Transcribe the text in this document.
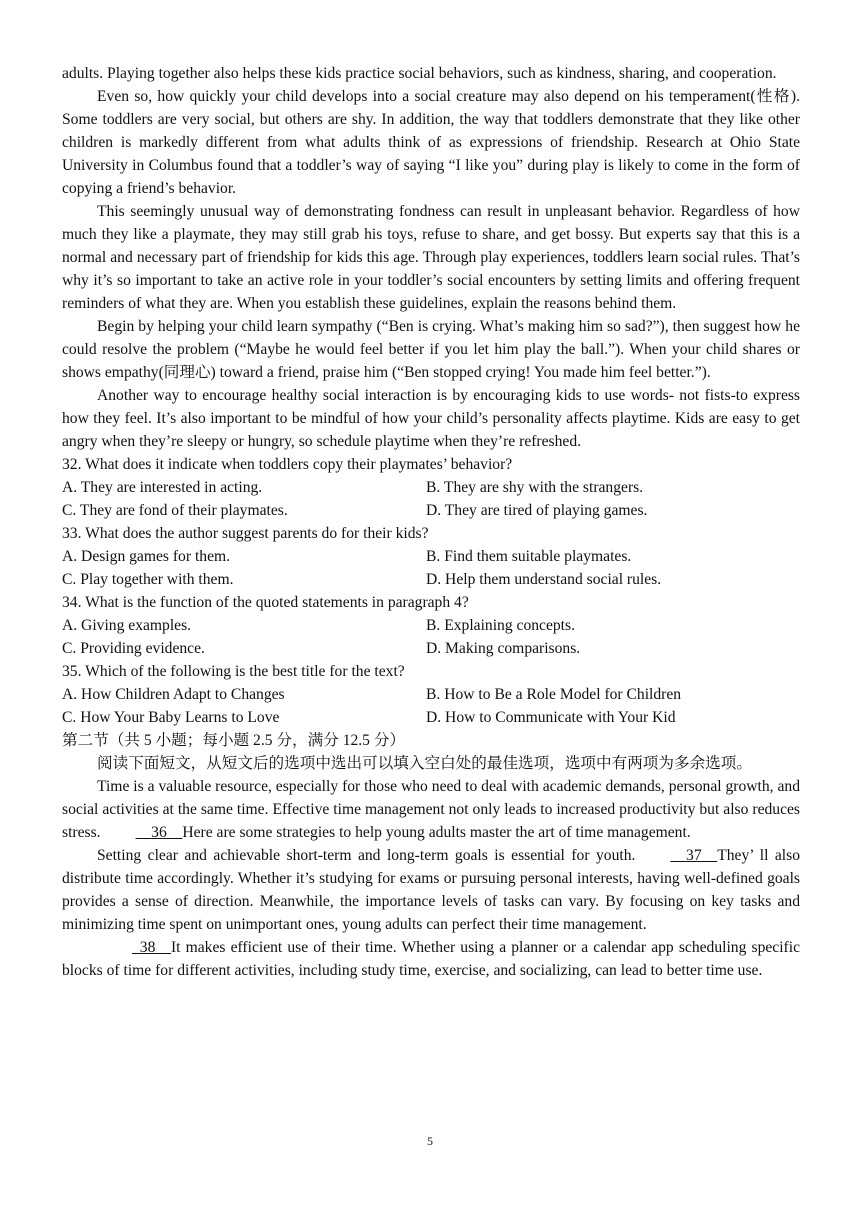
adults. Playing together also helps these kids practice social behaviors, such as kindness, sharing, and cooperation.

Even so, how quickly your child develops into a social creature may also depend on his temperament(性格). Some toddlers are very social, but others are shy. In addition, the way that toddlers demonstrate that they like other children is markedly different from what adults think of as expressions of friendship. Research at Ohio State University in Columbus found that a toddler’s way of saying “I like you” during play is likely to come in the form of copying a friend’s behavior.

This seemingly unusual way of demonstrating fondness can result in unpleasant behavior. Regardless of how much they like a playmate, they may still grab his toys, refuse to share, and get bossy. But experts say that this is a normal and necessary part of friendship for kids this age. Through play experiences, toddlers learn social rules. That’s why it’s so important to take an active role in your toddler’s social encounters by setting limits and offering frequent reminders of what they are. When you establish these guidelines, explain the reasons behind them.

Begin by helping your child learn sympathy (“Ben is crying. What’s making him so sad?”), then suggest how he could resolve the problem (“Maybe he would feel better if you let him play the ball.”). When your child shares or shows empathy(同理心) toward a friend, praise him (“Ben stopped crying! You made him feel better.”).

Another way to encourage healthy social interaction is by encouraging kids to use words- not fists-to express how they feel. It’s also important to be mindful of how your child’s personality affects playtime. Kids are easy to get angry when they’re sleepy or hungry, so schedule playtime when they’re refreshed.

32. What does it indicate when toddlers copy their playmates’ behavior?

A. They are interested in acting.	B. They are shy with the strangers.
C. They are fond of their playmates.	D. They are tired of playing games.

33. What does the author suggest parents do for their kids?

A. Design games for them.	B. Find them suitable playmates.
C. Play together with them.	D. Help them understand social rules.

34. What is the function of the quoted statements in paragraph 4?

A. Giving examples.	B. Explaining concepts.
C. Providing evidence.	D. Making comparisons.

35. Which of the following is the best title for the text?

A. How Children Adapt to Changes	B. How to Be a Role Model for Children
C. How Your Baby Learns to Love	D. How to Communicate with Your Kid

第二节（共 5 小题；每小题 2.5 分，满分 12.5 分）

阅读下面短文，从短文后的选项中选出可以填入空白处的最佳选项，选项中有两项为多余选项。

Time is a valuable resource, especially for those who need to deal with academic demands, personal growth, and social activities at the same time. Effective time management not only leads to increased productivity but also reduces stress.	36 Here are some strategies to help young adults master the art of time management.

Setting clear and achievable short-term and long-term goals is essential for youth.	37 They’ ll also distribute time accordingly. Whether it’s studying for exams or pursuing personal interests, having well-defined goals provides a sense of direction. Meanwhile, the importance levels of tasks can vary. By focusing on key tasks and minimizing time spent on unimportant ones, young adults can perfect their time management.

38 It makes efficient use of their time. Whether using a planner or a calendar app scheduling specific blocks of time for different activities, including study time, exercise, and socializing, can lead to better time use.

5
